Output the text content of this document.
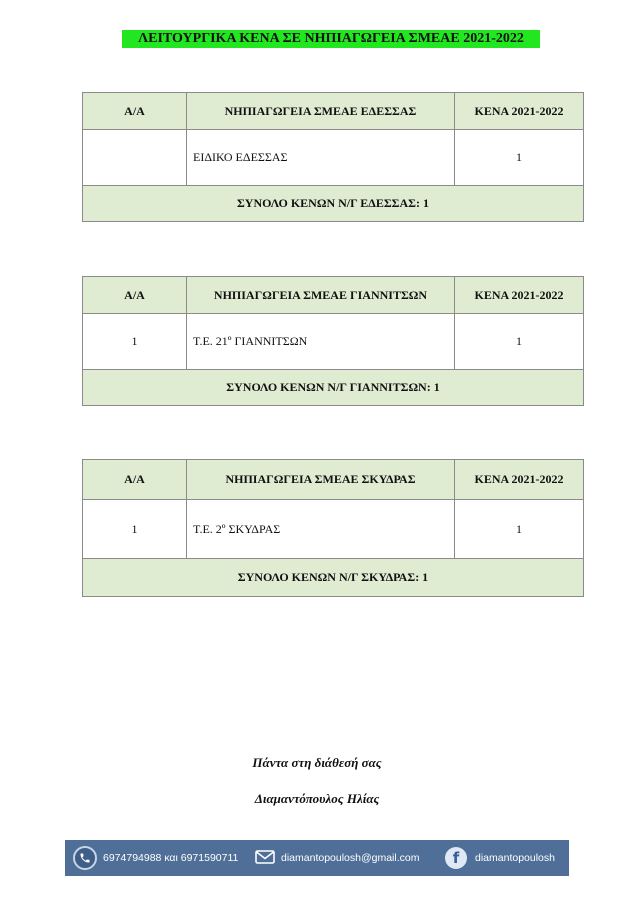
ΛΕΙΤΟΥΡΓΙΚΑ ΚΕΝΑ ΣΕ ΝΗΠΙΑΓΩΓΕΙΑ ΣΜΕΑΕ 2021-2022
Α/Α	ΝΗΠΙΑΓΩΓΕΙΑ ΣΜΕΑΕ ΕΔΕΣΣΑΣ	ΚΕΝΑ 2021-2022
	ΕΙΔΙΚΟ ΕΔΕΣΣΑΣ	1
ΣΥΝΟΛΟ ΚΕΝΩΝ Ν/Γ ΕΔΕΣΣΑΣ: 1		
Α/Α	ΝΗΠΙΑΓΩΓΕΙΑ ΣΜΕΑΕ ΓΙΑΝΝΙΤΣΩΝ	ΚΕΝΑ 2021-2022
1	Τ.Ε. 21º ΓΙΑΝΝΙΤΣΩΝ	1
ΣΥΝΟΛΟ ΚΕΝΩΝ Ν/Γ ΓΙΑΝΝΙΤΣΩΝ: 1		
Α/Α	ΝΗΠΙΑΓΩΓΕΙΑ ΣΜΕΑΕ ΣΚΥΔΡΑΣ	ΚΕΝΑ 2021-2022
1	Τ.Ε. 2º ΣΚΥΔΡΑΣ	1
ΣΥΝΟΛΟ ΚΕΝΩΝ Ν/Γ ΣΚΥΔΡΑΣ: 1		
Πάντα στη διάθεσή σας
Διαμαντόπουλος Ηλίας
6974794988 και 6971590711	diamantopoulosh@gmail.com	f	diamantopoulosh
